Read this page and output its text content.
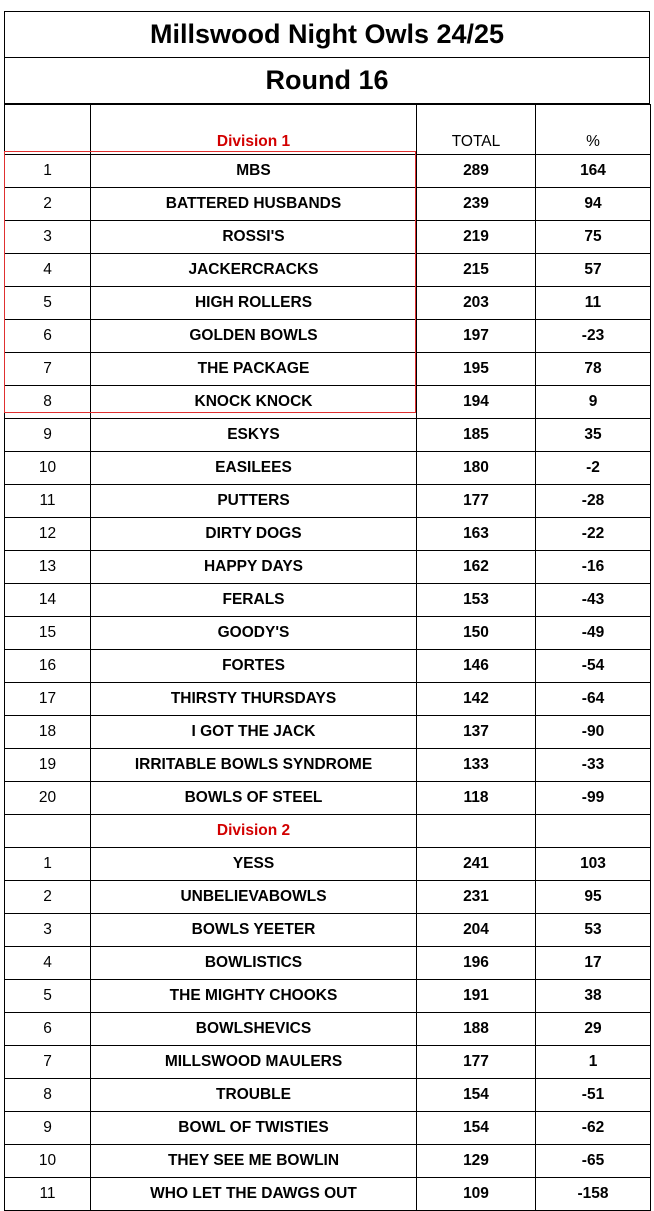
Millswood Night Owls 24/25
Round 16
	Division 1	TOTAL	%
1	MBS	289	164
2	BATTERED HUSBANDS	239	94
3	ROSSI'S	219	75
4	JACKERCRACKS	215	57
5	HIGH ROLLERS	203	11
6	GOLDEN BOWLS	197	-23
7	THE PACKAGE	195	78
8	KNOCK KNOCK	194	9
9	ESKYS	185	35
10	EASILEES	180	-2
11	PUTTERS	177	-28
12	DIRTY DOGS	163	-22
13	HAPPY DAYS	162	-16
14	FERALS	153	-43
15	GOODY'S	150	-49
16	FORTES	146	-54
17	THIRSTY THURSDAYS	142	-64
18	I GOT THE JACK	137	-90
19	IRRITABLE BOWLS SYNDROME	133	-33
20	BOWLS OF STEEL	118	-99
	Division 2		
1	YESS	241	103
2	UNBELIEVABOWLS	231	95
3	BOWLS YEETER	204	53
4	BOWLISTICS	196	17
5	THE MIGHTY CHOOKS	191	38
6	BOWLSHEVICS	188	29
7	MILLSWOOD MAULERS	177	1
8	TROUBLE	154	-51
9	BOWL OF TWISTIES	154	-62
10	THEY SEE ME BOWLIN	129	-65
11	WHO LET THE DAWGS OUT	109	-158
